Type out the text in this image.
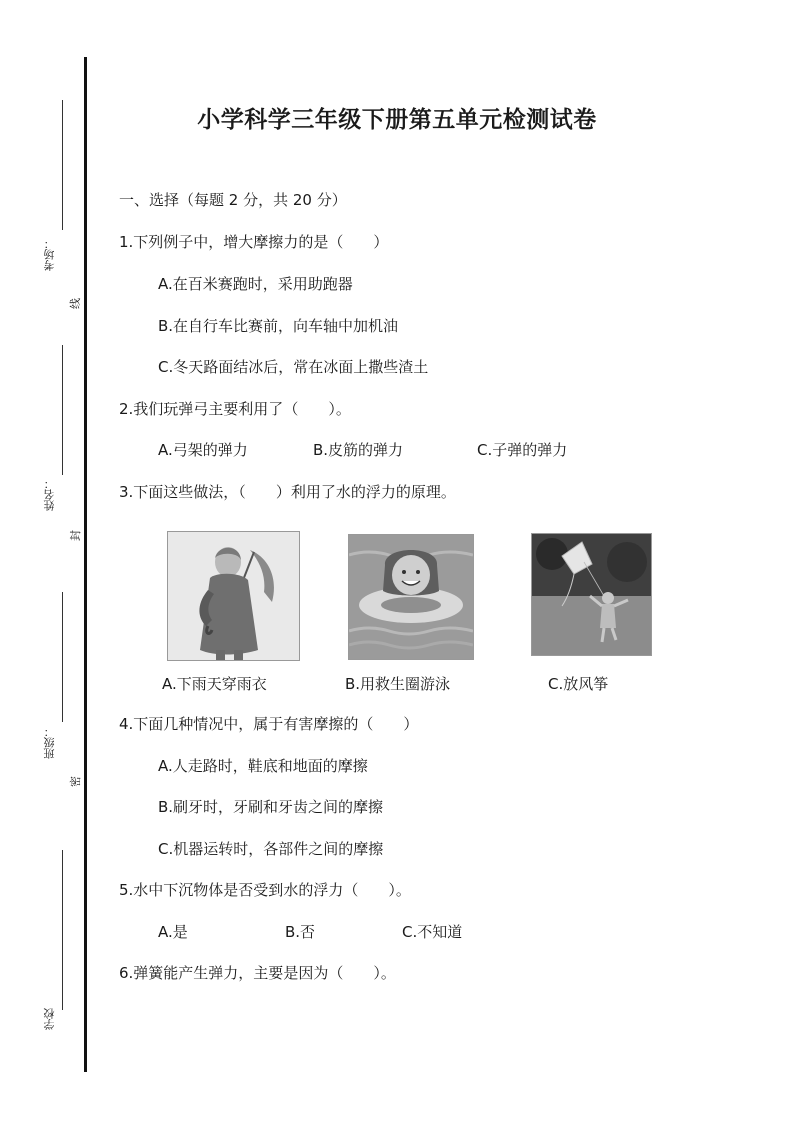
考场：
姓名：
班级：
学校
线
封
密
小学科学三年级下册第五单元检测试卷
一、选择（每题 2 分，共 20 分）
1.下列例子中，增大摩擦力的是（　　）
A.在百米赛跑时，采用助跑器
B.在自行车比赛前，向车轴中加机油
C.冬天路面结冰后，常在冰面上撒些渣土
2.我们玩弹弓主要利用了（　　）。
A.弓架的弹力	B.皮筋的弹力	C.子弹的弹力
3.下面这些做法，（　　）利用了水的浮力的原理。
A.下雨天穿雨衣	B.用救生圈游泳	C.放风筝
4.下面几种情况中，属于有害摩擦的（　　）
A.人走路时，鞋底和地面的摩擦
B.刷牙时，牙刷和牙齿之间的摩擦
C.机器运转时，各部件之间的摩擦
5.水中下沉物体是否受到水的浮力（　　）。
A.是	B.否	C.不知道
6.弹簧能产生弹力，主要是因为（　　）。
